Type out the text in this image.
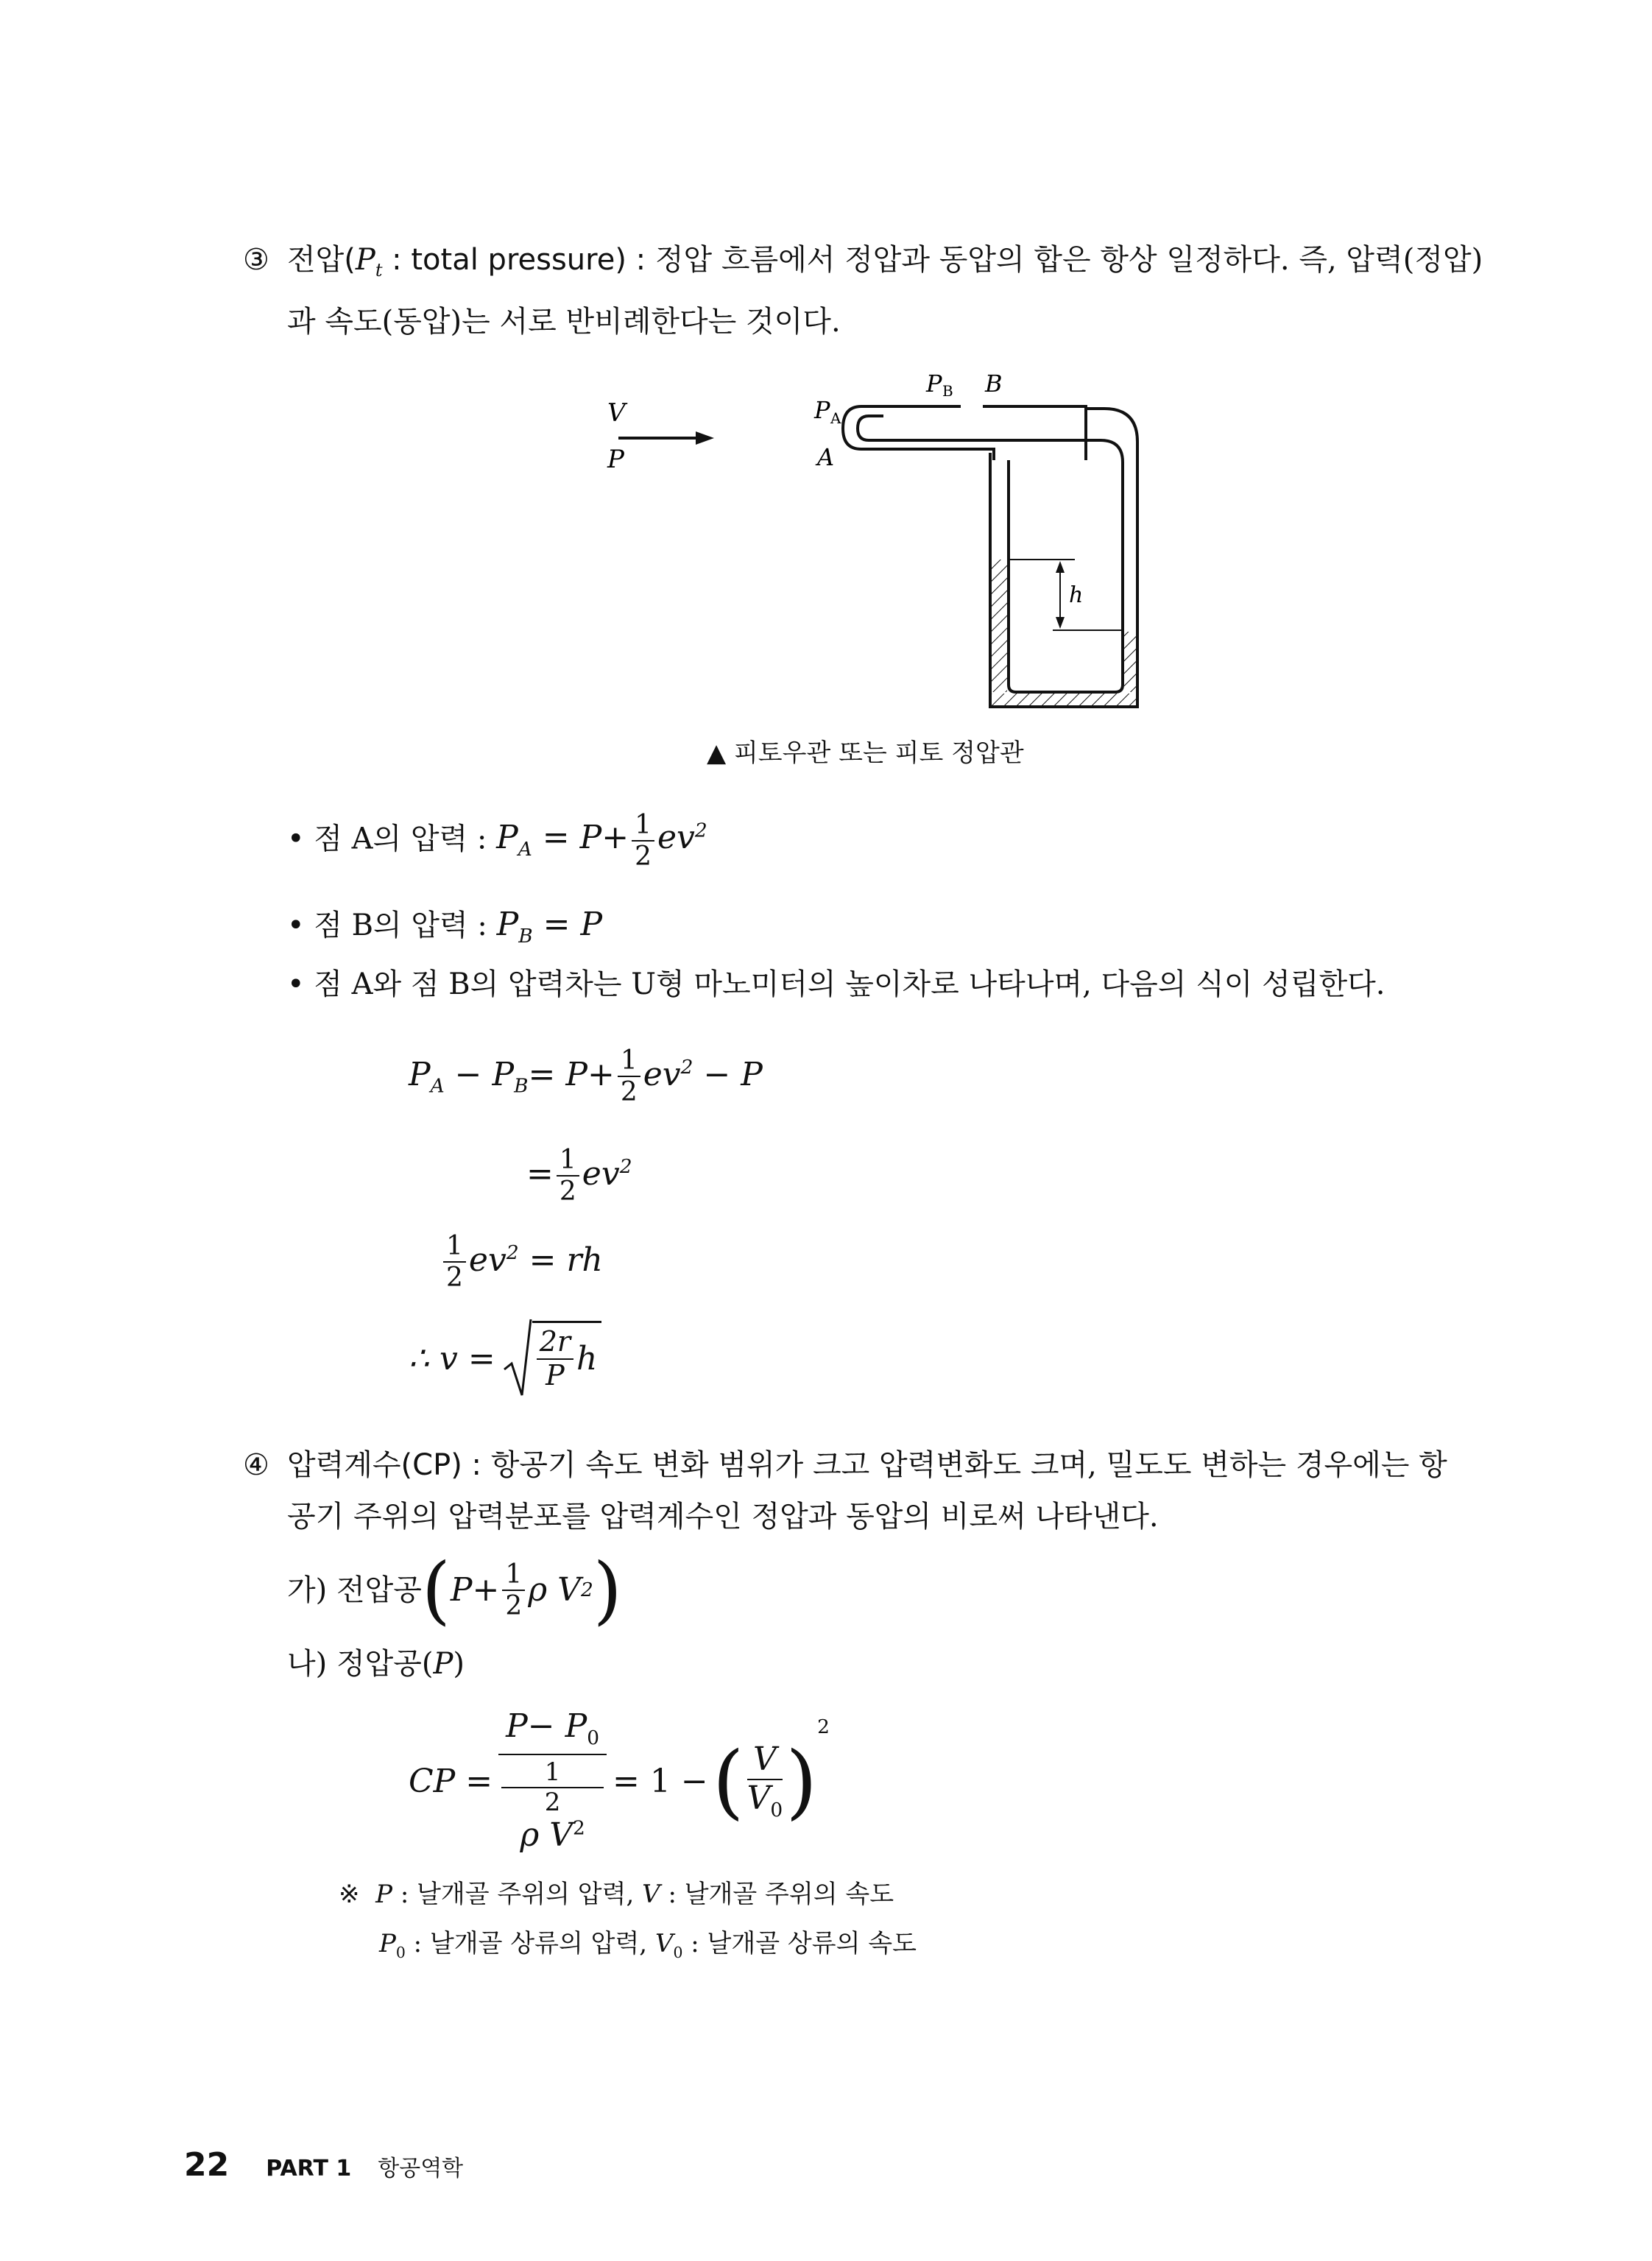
③ 전압($P_t$ : total pressure) : 정압 흐름에서 정압과 동압의 합은 항상 일정하다. 즉, 압력(정압)
과 속도(동압)는 서로 반비례한다는 것이다.
V
P
P A
A
P B B
h
▲ 피토우관 또는 피토 정압관
• 점 A의 압력 : $P_A = P+ \frac{1}{2} ev^2$
• 점 B의 압력 : $P_B = P$
• 점 A와 점 B의 압력차는 U형 마노미터의 높이차로 나타나며, 다음의 식이 성립한다.
$P_A - P_B= P+ \frac{1}{2} ev^2 - P$
= $\frac{1}{2} ev^2$
$\frac{1}{2} ev^2$ = rh
∴ $v = \frac{2r}{P}$ h
④ 압력계수(CP) : 항공기 속도 변화 범위가 크고 압력변화도 크며, 밀도도 변하는 경우에는 항
공기 주위의 압력분포를 압력계수인 정압과 동압의 비로써 나타낸다.
가) 전압공 ( $P+ \frac{1}{2}$ ρ V 2 )
나) 정압공(P)
CP = $P- P_0$
1
2
ρ $V^2 = 1$ − ( $\frac{V}{V_0}$ )
2
※ P : 날개골 주위의 압력, V : 날개골 주위의 속도
$P_0$ : 날개골 상류의 압력, $V_0$ : 날개골 상류의 속도
22 PART 1 항공역학
